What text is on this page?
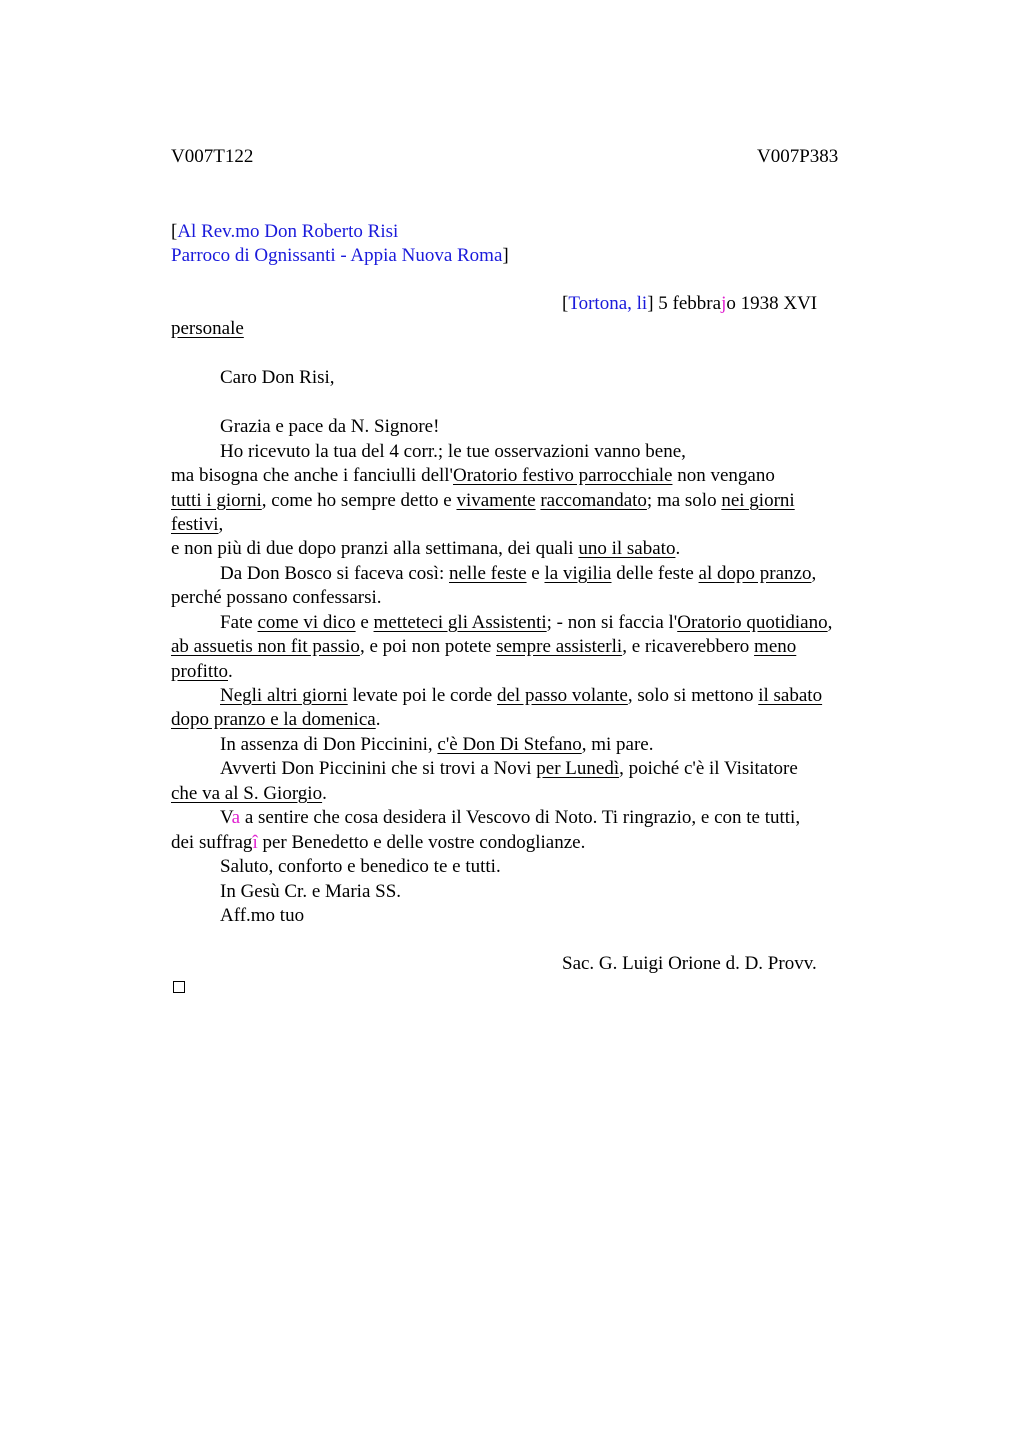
V007T122	V007P383
[Al Rev.mo Don Roberto Risi
Parroco di Ognissanti - Appia Nuova Roma]
[Tortona, li] 5 febbrajo 1938 XVI
personale
Caro Don Risi,
Grazia e pace da N. Signore!
Ho ricevuto la tua del 4 corr.; le tue osservazioni vanno bene,
ma bisogna che anche i fanciulli dell'Oratorio festivo parrocchiale non vengano
tutti i giorni, come ho sempre detto e vivamente raccomandato; ma solo nei giorni
festivi,
e non più di due dopo pranzi alla settimana, dei quali uno il sabato.
Da Don Bosco si faceva così: nelle feste e la vigilia delle feste al dopo pranzo,
perché possano confessarsi.
Fate come vi dico e metteteci gli Assistenti; - non si faccia l'Oratorio quotidiano,
ab assuetis non fit passio, e poi non potete sempre assisterli, e ricaverebbero meno
profitto.
Negli altri giorni levate poi le corde del passo volante, solo si mettono il sabato
dopo pranzo e la domenica.
In assenza di Don Piccinini, c'è Don Di Stefano, mi pare.
Avverti Don Piccinini che si trovi a Novi per Lunedì, poiché c'è il Visitatore
che va al S. Giorgio.
Va a sentire che cosa desidera il Vescovo di Noto. Ti ringrazio, e con te tutti,
dei suffragî per Benedetto e delle vostre condoglianze.
Saluto, conforto e benedico te e tutti.
In Gesù Cr. e Maria SS.
Aff.mo tuo
Sac. G. Luigi Orione d. D. Provv.
